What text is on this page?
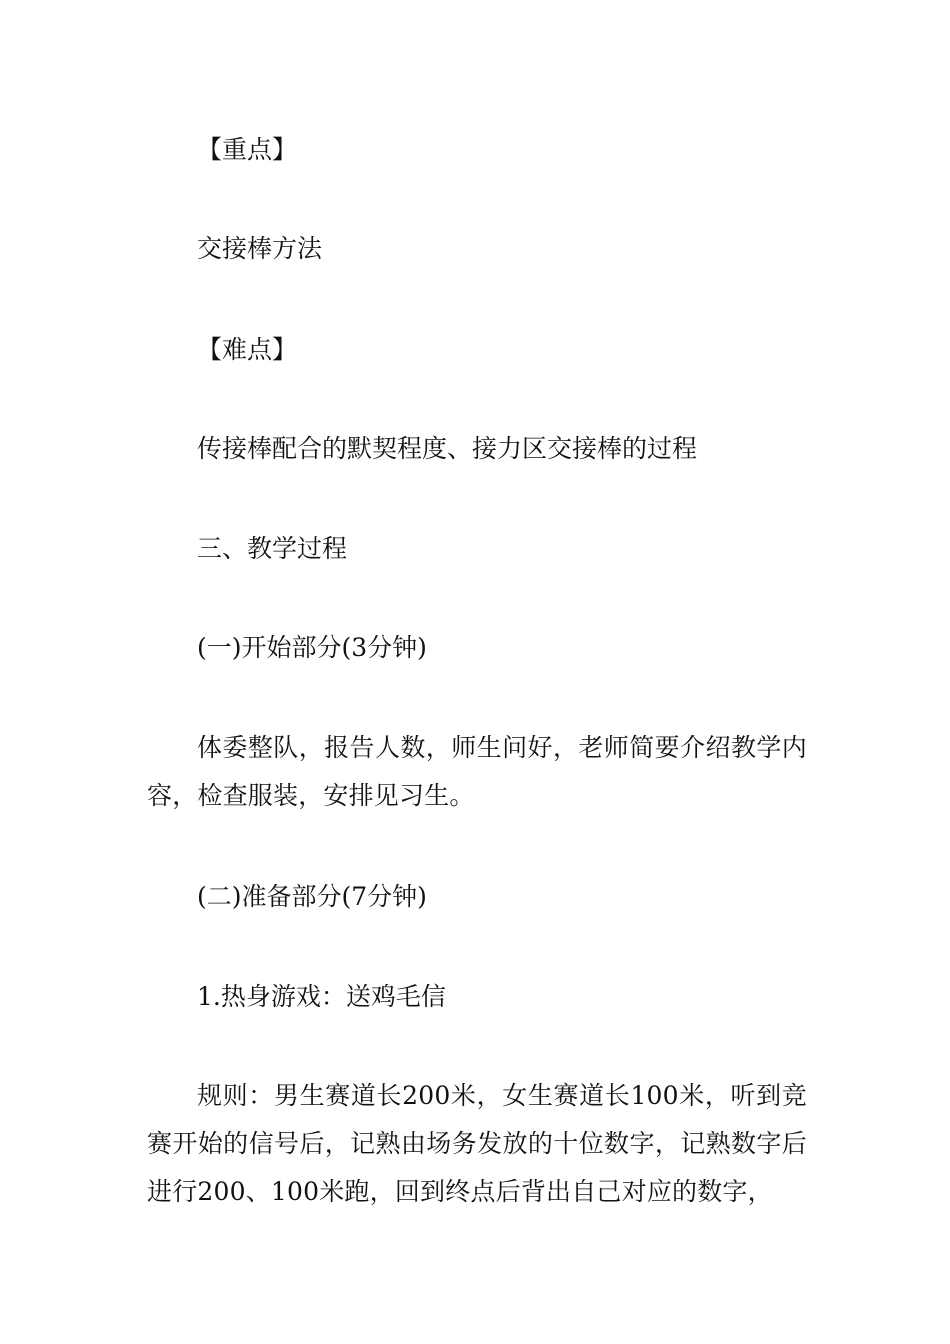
【重点】

交接棒方法

【难点】

传接棒配合的默契程度、接力区交接棒的过程

三、教学过程

(一)开始部分(3分钟)

体委整队，报告人数，师生问好，老师简要介绍教学内容，检查服装，安排见习生。

(二)准备部分(7分钟)

1.热身游戏：送鸡毛信

规则：男生赛道长200米，女生赛道长100米，听到竞赛开始的信号后，记熟由场务发放的十位数字，记熟数字后进行200、100米跑，回到终点后背出自己对应的数字，
